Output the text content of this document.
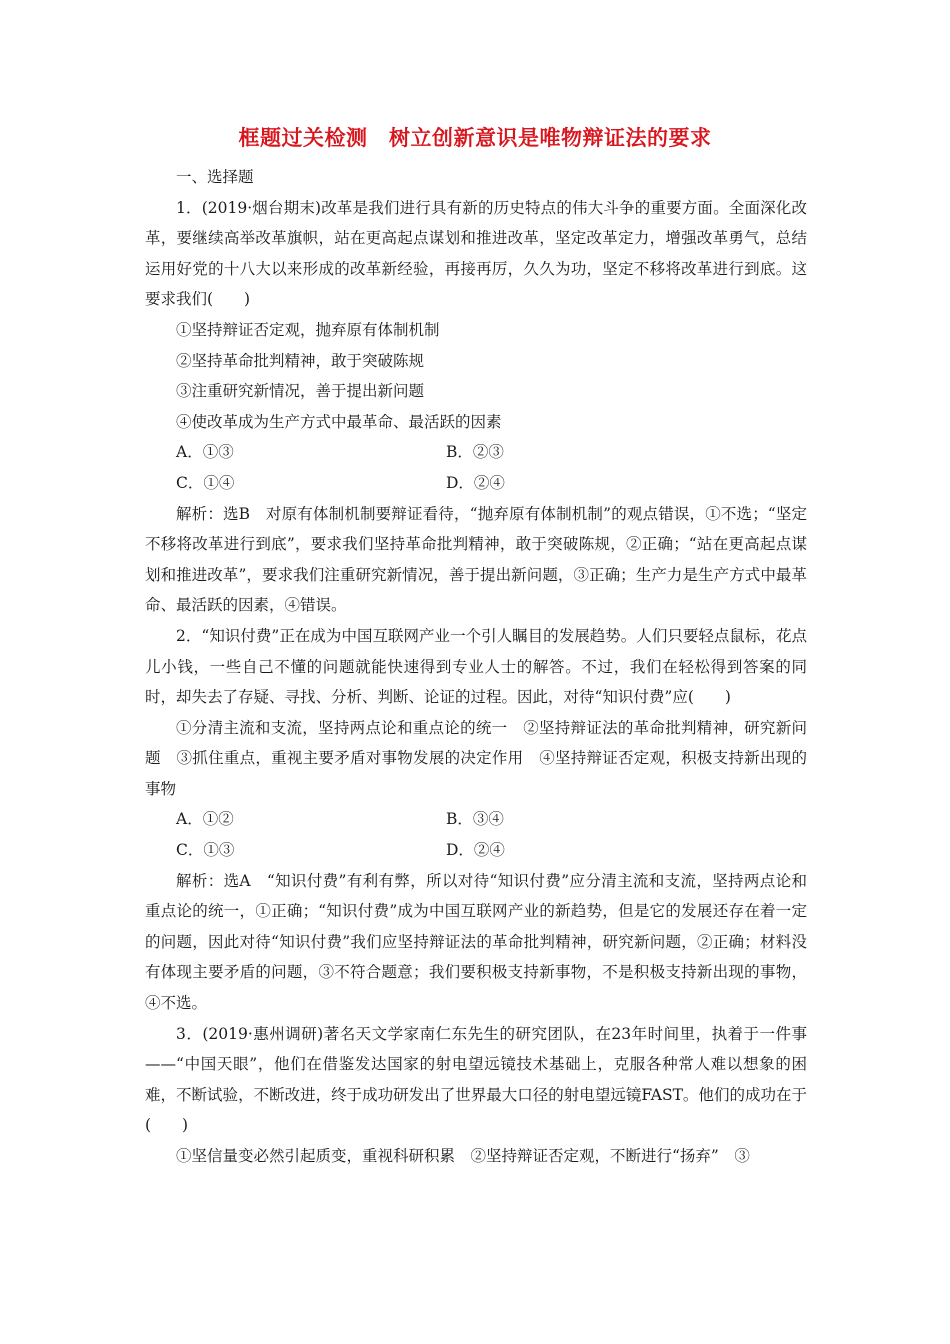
框题过关检测　树立创新意识是唯物辩证法的要求

一、选择题

1．(2019·烟台期末)改革是我们进行具有新的历史特点的伟大斗争的重要方面。全面深化改革，要继续高举改革旗帜，站在更高起点谋划和推进改革，坚定改革定力，增强改革勇气，总结运用好党的十八大以来形成的改革新经验，再接再厉，久久为功，坚定不移将改革进行到底。这要求我们(　　)

①坚持辩证否定观，抛弃原有体制机制

②坚持革命批判精神，敢于突破陈规

③注重研究新情况，善于提出新问题

④使改革成为生产方式中最革命、最活跃的因素

A．①③	B．②③
C．①④	D．②④

解析：选B　对原有体制机制要辩证看待，“抛弃原有体制机制”的观点错误，①不选；“坚定不移将改革进行到底”，要求我们坚持革命批判精神，敢于突破陈规，②正确；“站在更高起点谋划和推进改革”，要求我们注重研究新情况，善于提出新问题，③正确；生产力是生产方式中最革命、最活跃的因素，④错误。

2．“知识付费”正在成为中国互联网产业一个引人瞩目的发展趋势。人们只要轻点鼠标，花点儿小钱，一些自己不懂的问题就能快速得到专业人士的解答。不过，我们在轻松得到答案的同时，却失去了存疑、寻找、分析、判断、论证的过程。因此，对待“知识付费”应(　　)

①分清主流和支流，坚持两点论和重点论的统一　②坚持辩证法的革命批判精神，研究新问题　③抓住重点，重视主要矛盾对事物发展的决定作用　④坚持辩证否定观，积极支持新出现的事物

A．①②	B．③④
C．①③	D．②④

解析：选A　“知识付费”有利有弊，所以对待“知识付费”应分清主流和支流，坚持两点论和重点论的统一，①正确；“知识付费”成为中国互联网产业的新趋势，但是它的发展还存在着一定的问题，因此对待“知识付费”我们应坚持辩证法的革命批判精神，研究新问题，②正确；材料没有体现主要矛盾的问题，③不符合题意；我们要积极支持新事物，不是积极支持新出现的事物，④不选。

3．(2019·惠州调研)著名天文学家南仁东先生的研究团队，在23年时间里，执着于一件事——“中国天眼”，他们在借鉴发达国家的射电望远镜技术基础上，克服各种常人难以想象的困难，不断试验，不断改进，终于成功研发出了世界最大口径的射电望远镜FAST。他们的成功在于(　　)

①坚信量变必然引起质变，重视科研积累　②坚持辩证否定观，不断进行“扬弃”　③
